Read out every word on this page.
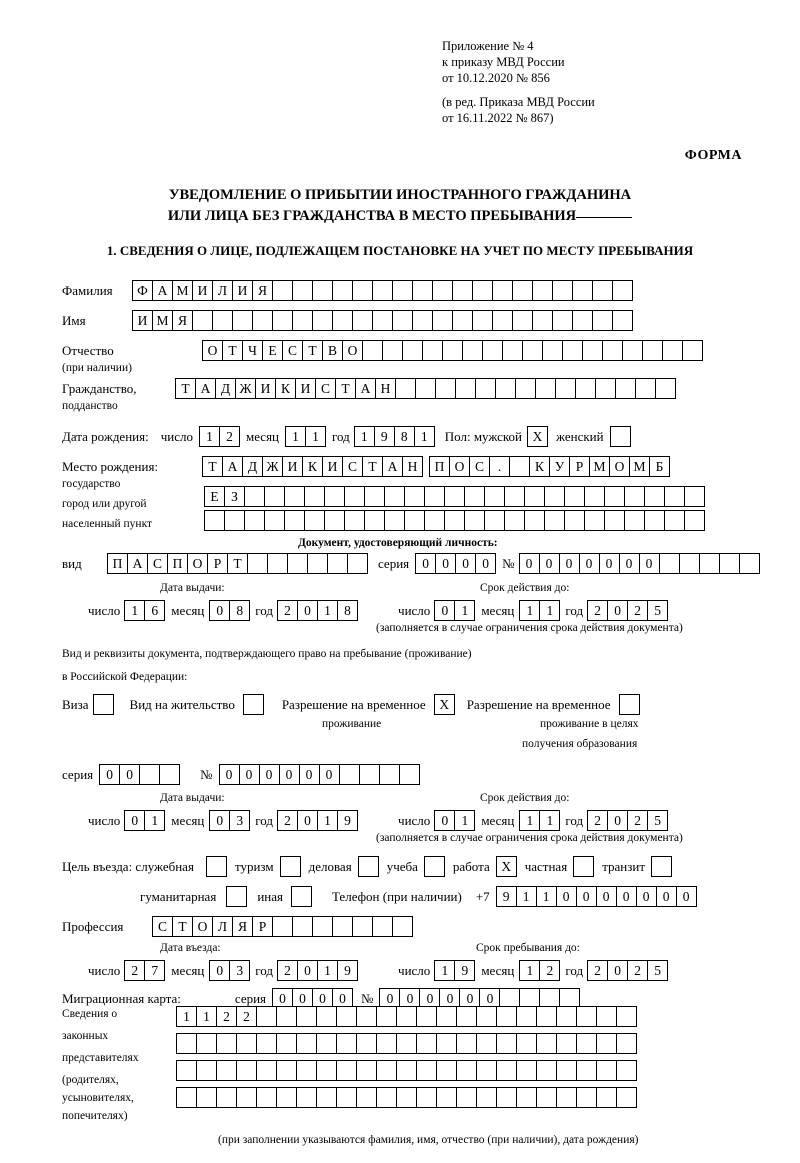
Приложение № 4
к приказу МВД России
от 10.12.2020 № 856
(в ред. Приказа МВД России
от 16.11.2022 № 867)
ФОРМА
УВЕДОМЛЕНИЕ О ПРИБЫТИИ ИНОСТРАННОГО ГРАЖДАНИНА
ИЛИ ЛИЦА БЕЗ ГРАЖДАНСТВА В МЕСТО ПРЕБЫВАНИЯ
1. СВЕДЕНИЯ О ЛИЦЕ, ПОДЛЕЖАЩЕМ ПОСТАНОВКЕ НА УЧЕТ ПО МЕСТУ ПРЕБЫВАНИЯ
Фамилия	Ф А М И Л И Я
Имя	И М Я
Отчество	О Т Ч Е С Т В О
(при наличии)
Гражданство,	Т А Д Ж И К И С Т А Н
подданство
Дата рождения: число 1 2	месяц 1 1	год 1 9 8 1	Пол: мужской Х	женский
Место рождения:	Т А Д Ж И К И С Т А Н	П О С	.	К У Р М О М Б
государство
Е З
город или другой
населенный пункт
Документ, удостоверяющий личность:
вид	П А С П О Р Т	серия 0 0 0 0	№ 0 0 0 0 0 0 0
Дата выдачи:	Срок действия до:
число 1 6	месяц 0 8 год 2 0 1 8	число 0 1	месяц 1 1 год 2 0 2 5
(заполняется в случае ограничения срока действия документа)
Вид и реквизиты документа, подтверждающего право на пребывание (проживание)
в Российской Федерации:
Виза	Вид на жительство	Разрешение на временное	Х	Разрешение на временное
проживание	проживание в целях
получения образования
серия 0 0	№ 0 0 0 0 0 0
Дата выдачи:	Срок действия до:
число 0 1	месяц 0 3 год 2 0 1 9	число 0 1	месяц 1 1 год 2 0 2 5
(заполняется в случае ограничения срока действия документа)
Цель въезда: служебная	туризм	деловая	учеба	работа Х	частная	транзит
гуманитарная	иная	Телефон (при наличии) +7 9 1 1 0 0 0 0 0 0 0
Профессия	С Т О Л Я Р
Дата въезда:	Срок пребывания до:
число 2 7	месяц 0 3 год 2 0 1 9	число 1 9	месяц 1 2 год 2 0 2 5
Миграционная карта:	серия 0 0 0 0	№ 0 0 0 0 0 0
Сведения о
законных
представителях
(родителях,
усыновителях,
попечителях)
1 1 2 2
(при заполнении указываются фамилия, имя, отчество (при наличии), дата рождения)
